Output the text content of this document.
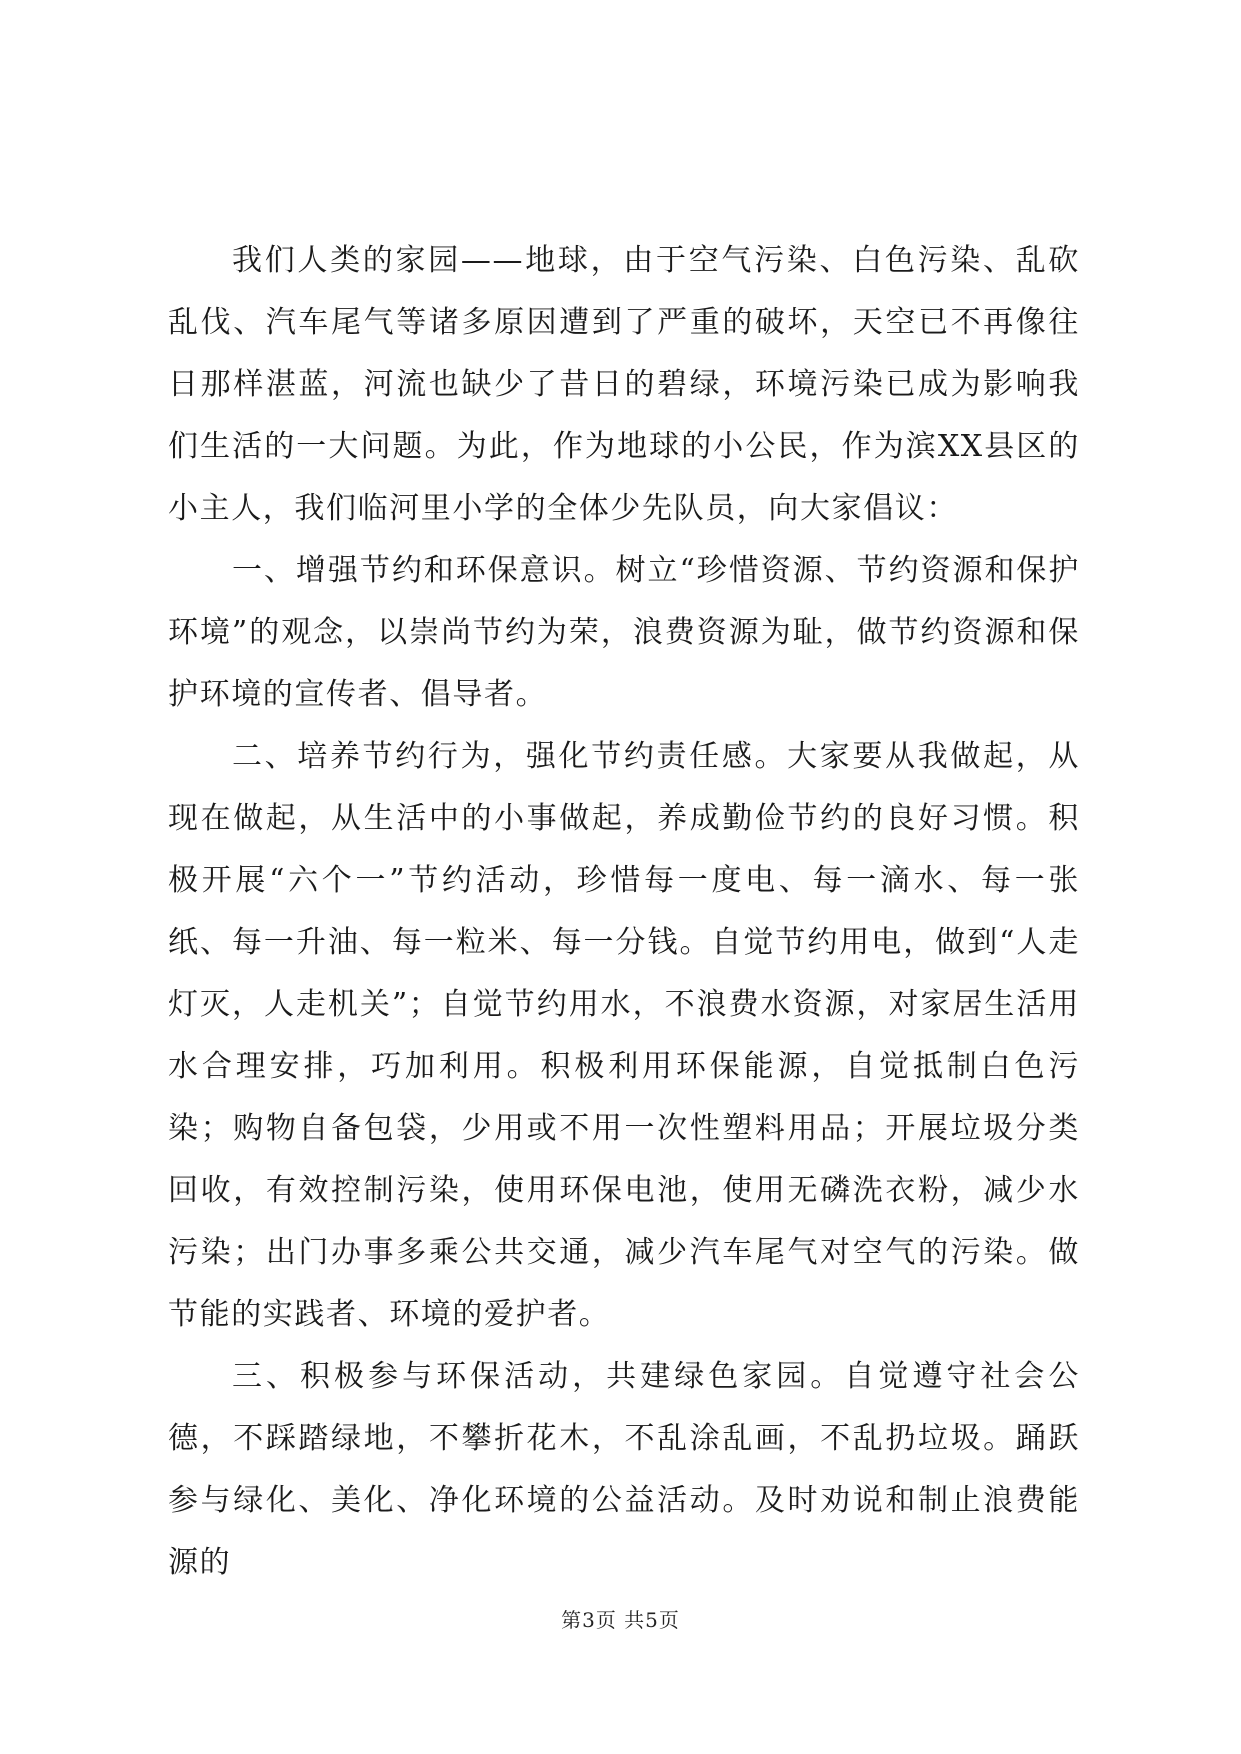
我们人类的家园——地球，由于空气污染、白色污染、乱砍乱伐、汽车尾气等诸多原因遭到了严重的破坏，天空已不再像往日那样湛蓝，河流也缺少了昔日的碧绿，环境污染已成为影响我们生活的一大问题。为此，作为地球的小公民，作为滨XX县区的小主人，我们临河里小学的全体少先队员，向大家倡议：

一、增强节约和环保意识。树立“珍惜资源、节约资源和保护环境”的观念，以崇尚节约为荣，浪费资源为耻，做节约资源和保护环境的宣传者、倡导者。

二、培养节约行为，强化节约责任感。大家要从我做起，从现在做起，从生活中的小事做起，养成勤俭节约的良好习惯。积极开展“六个一”节约活动，珍惜每一度电、每一滴水、每一张纸、每一升油、每一粒米、每一分钱。自觉节约用电，做到“人走灯灭，人走机关”；自觉节约用水，不浪费水资源，对家居生活用水合理安排，巧加利用。积极利用环保能源，自觉抵制白色污染；购物自备包袋，少用或不用一次性塑料用品；开展垃圾分类回收，有效控制污染，使用环保电池，使用无磷洗衣粉，减少水污染；出门办事多乘公共交通，减少汽车尾气对空气的污染。做节能的实践者、环境的爱护者。

三、积极参与环保活动，共建绿色家园。自觉遵守社会公德，不踩踏绿地，不攀折花木，不乱涂乱画，不乱扔垃圾。踊跃参与绿化、美化、净化环境的公益活动。及时劝说和制止浪费能源的

第3页 共5页
